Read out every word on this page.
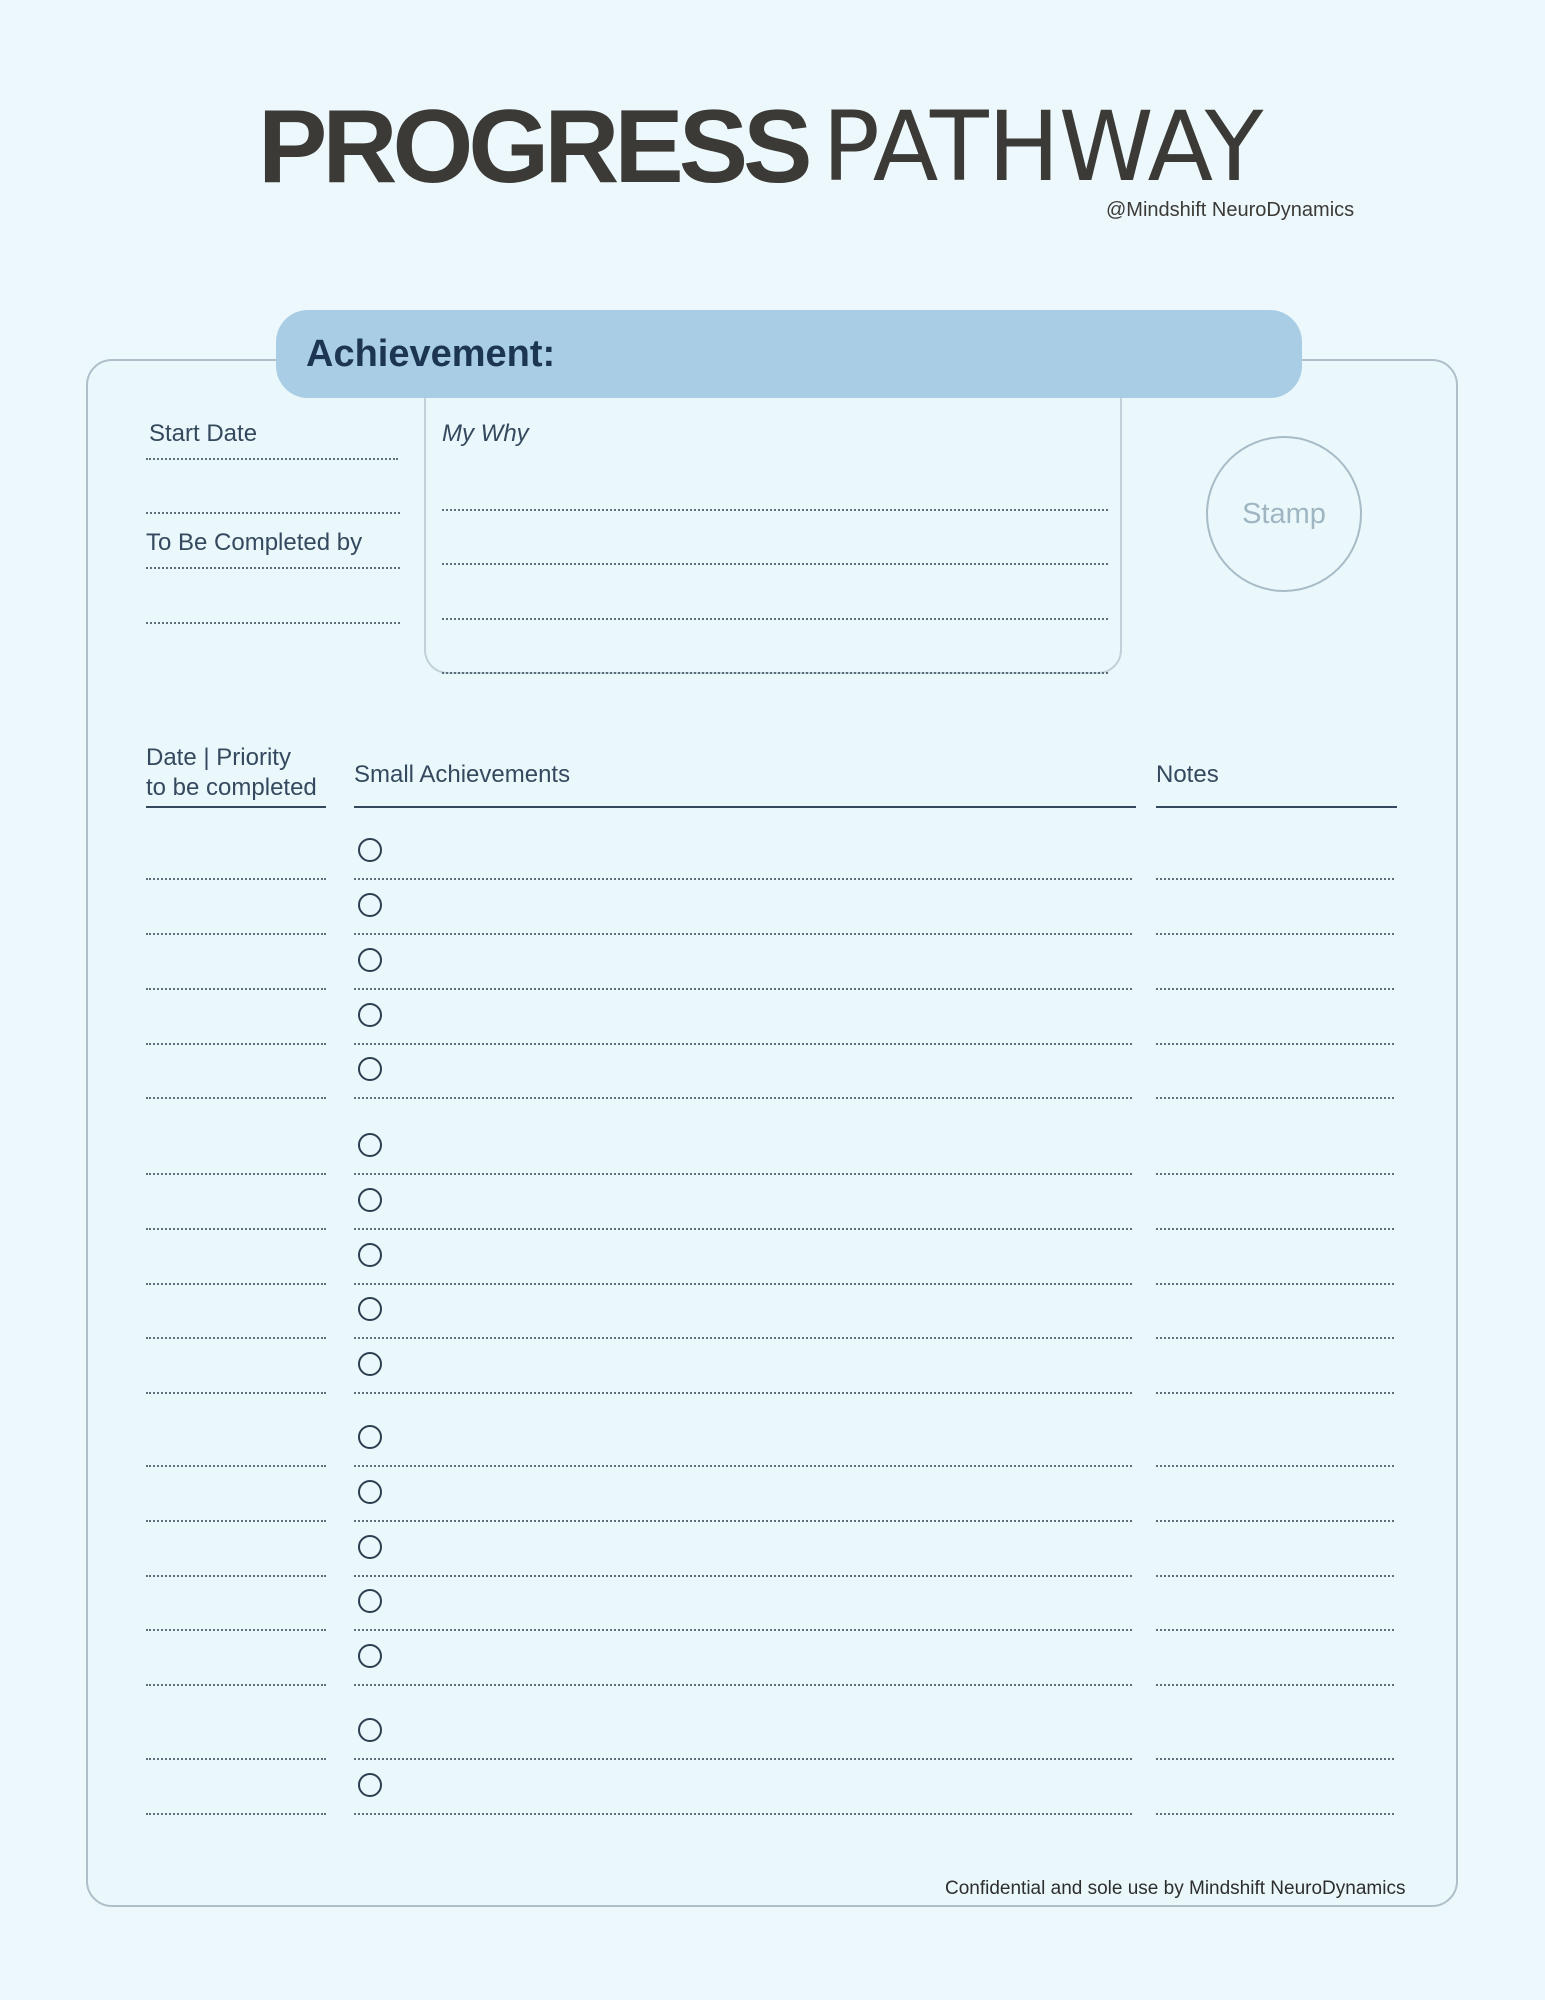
PROGRESS PATHWAY
@Mindshift NeuroDynamics
Achievement:
Start Date
To Be Completed by
My Why
Stamp
Date | Priority
to be completed Small Achievements	Notes
Confidential and sole use by Mindshift NeuroDynamics
